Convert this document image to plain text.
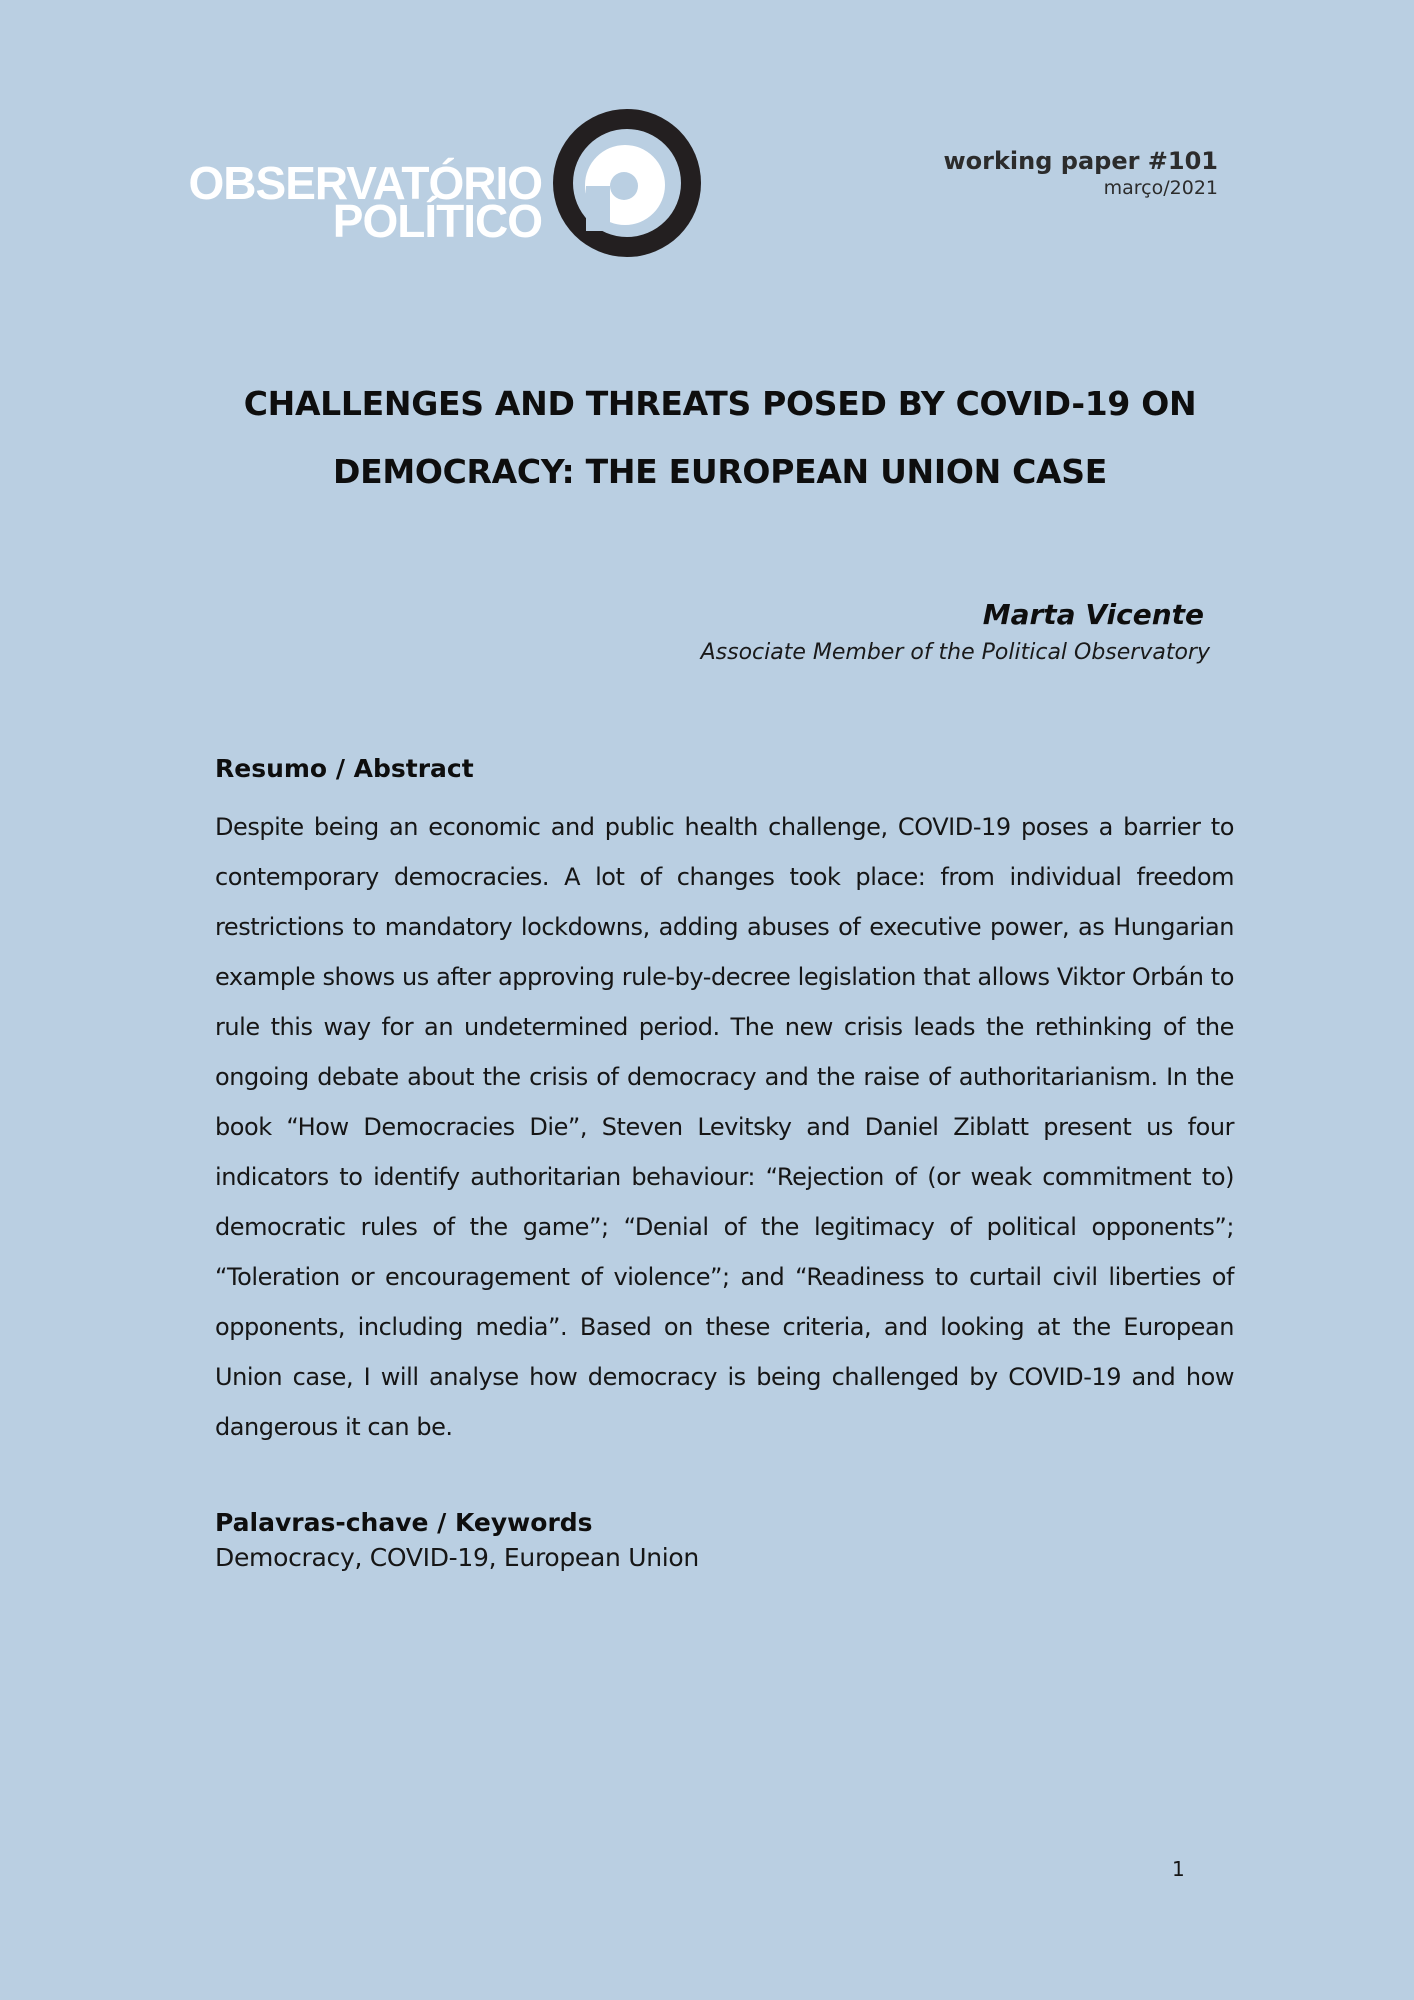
OBSERVATÓRIO
POLÍTICO
working paper #101
março/2021
CHALLENGES AND THREATS POSED BY COVID-19 ON
DEMOCRACY: THE EUROPEAN UNION CASE
Marta Vicente
Associate Member of the Political Observatory
Resumo / Abstract

Despite being an economic and public health challenge, COVID-19 poses a barrier to contemporary democracies. A lot of changes took place: from individual freedom restrictions to mandatory lockdowns, adding abuses of executive power, as Hungarian example shows us after approving rule-by-decree legislation that allows Viktor Orbán to rule this way for an undetermined period. The new crisis leads the rethinking of the ongoing debate about the crisis of democracy and the raise of authoritarianism. In the book “How Democracies Die”, Steven Levitsky and Daniel Ziblatt present us four indicators to identify authoritarian behaviour: “Rejection of (or weak commitment to) democratic rules of the game”; “Denial of the legitimacy of political opponents”; “Toleration or encouragement of violence”; and “Readiness to curtail civil liberties of opponents, including media”. Based on these criteria, and looking at the European Union case, I will analyse how democracy is being challenged by COVID-19 and how dangerous it can be.

Palavras-chave / Keywords
Democracy, COVID-19, European Union
1
